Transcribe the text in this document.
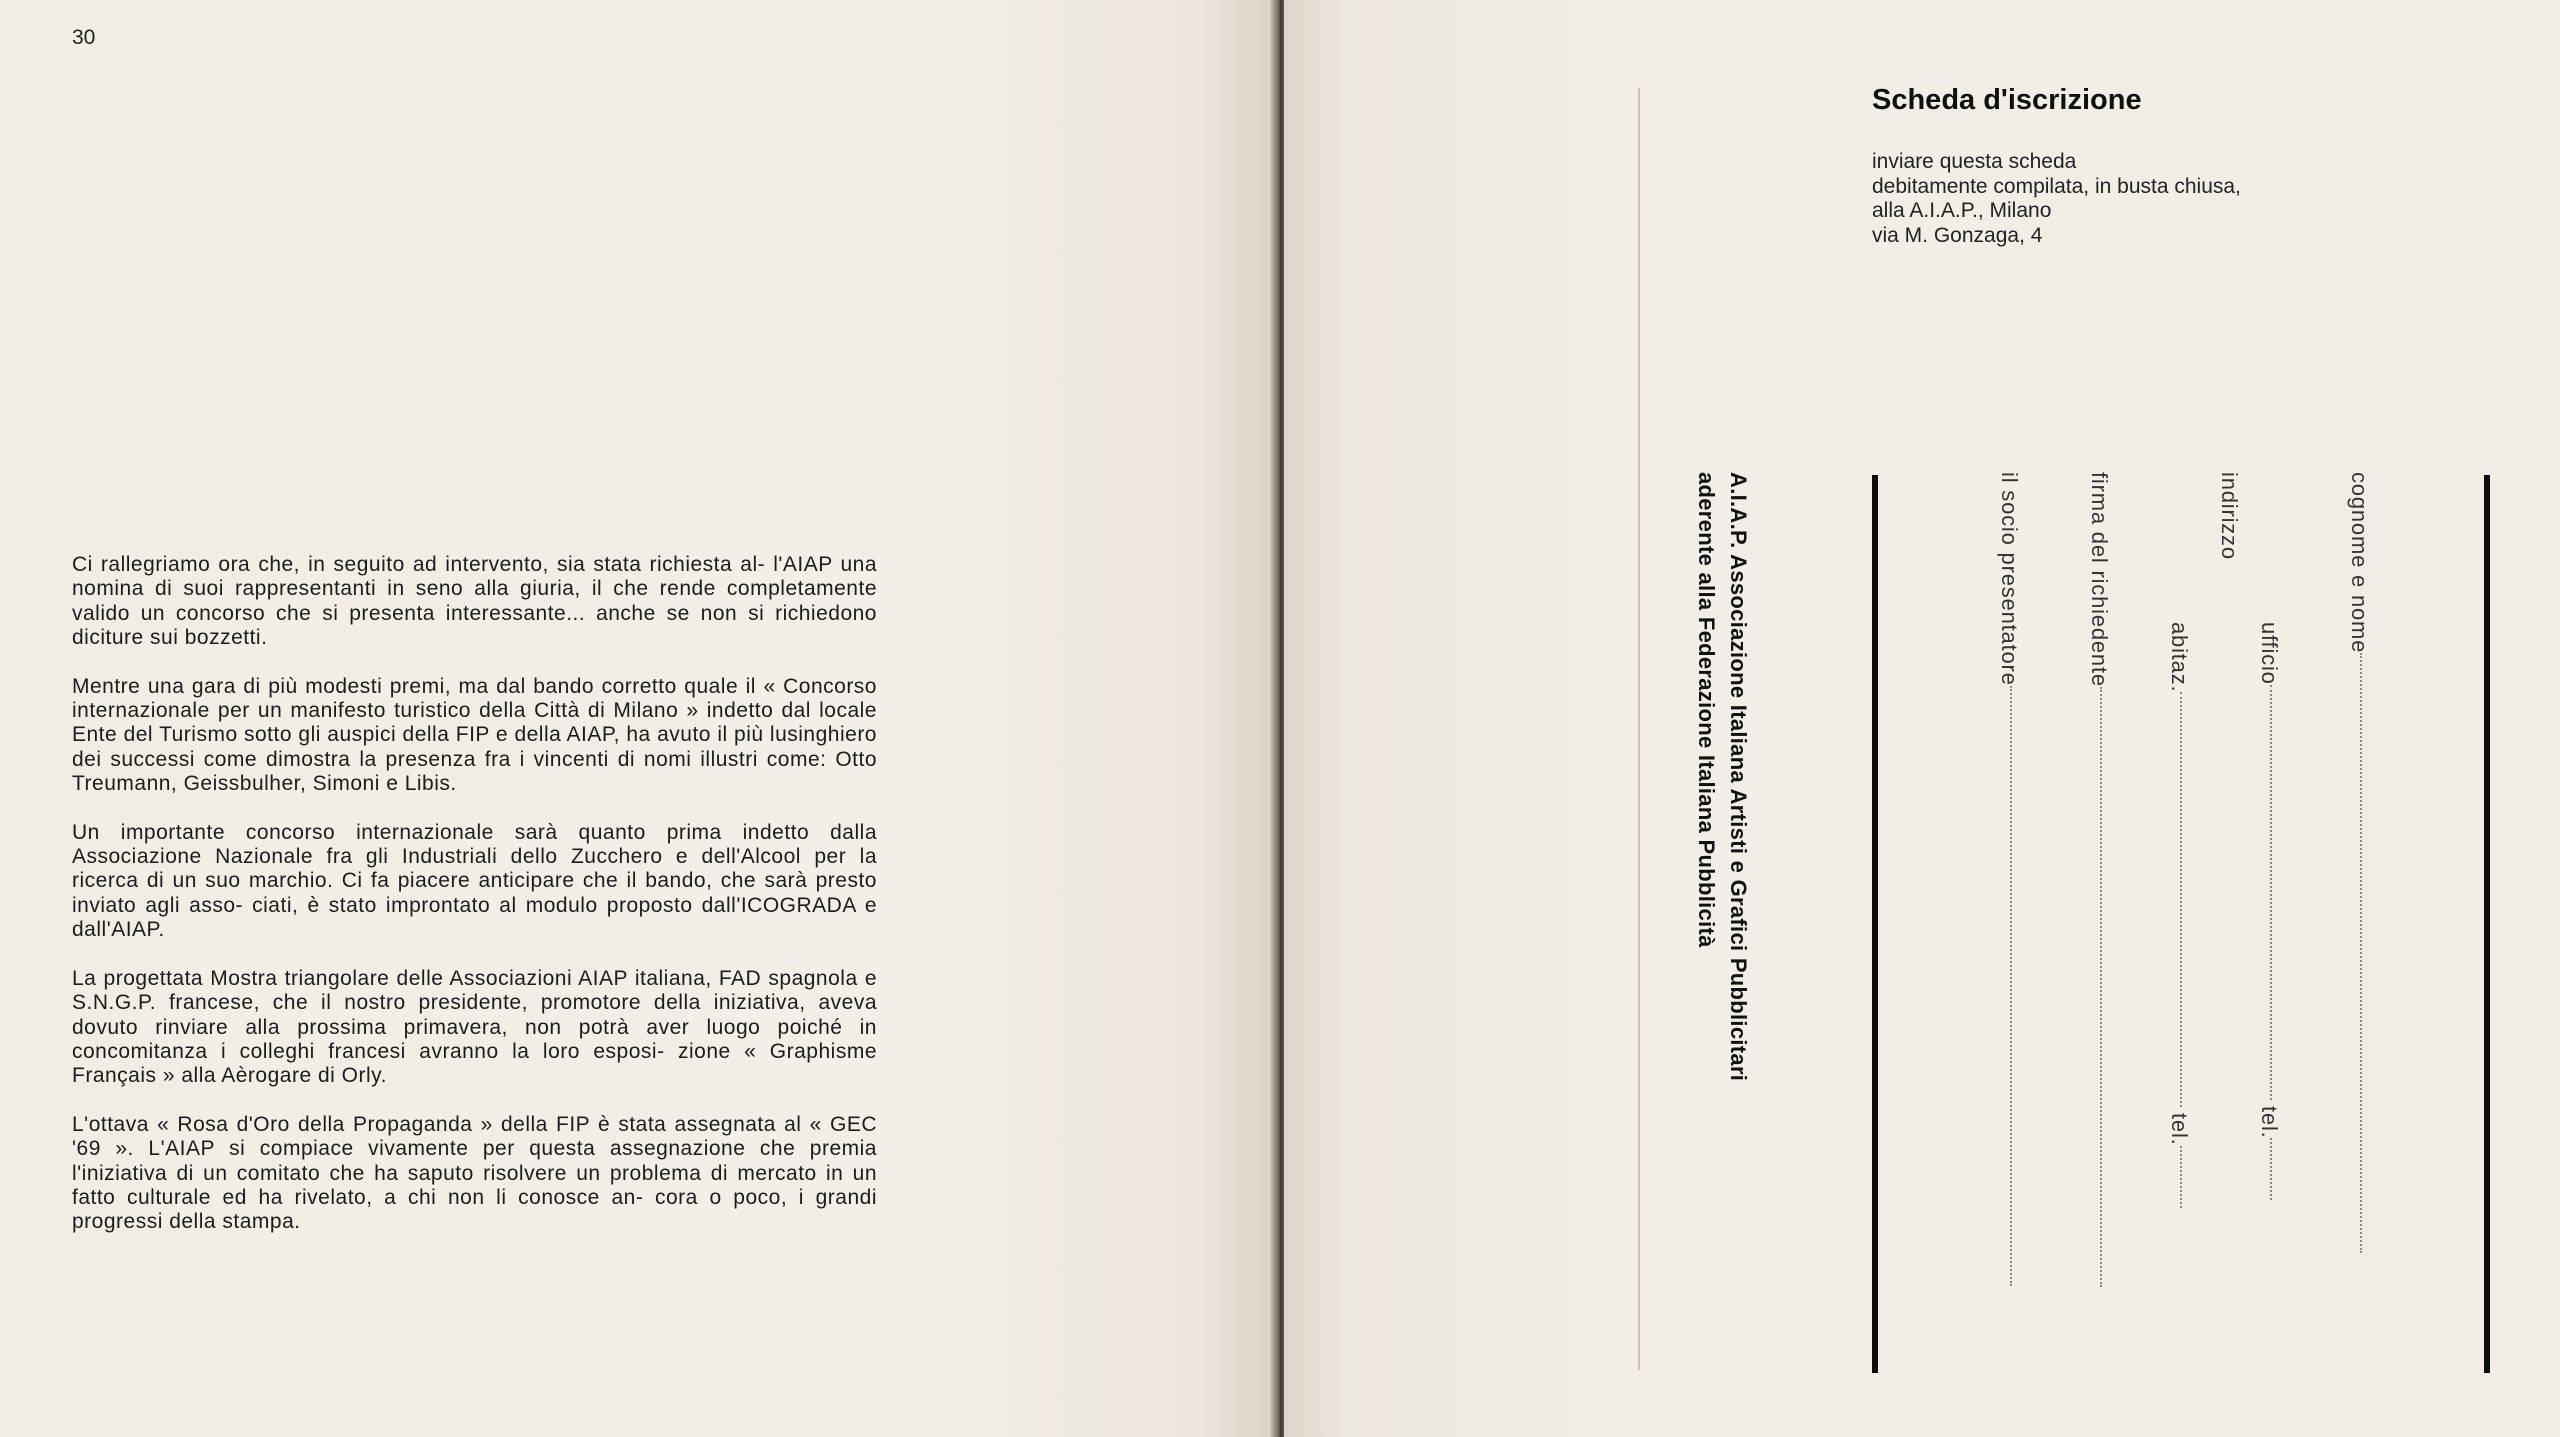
30

Ci rallegriamo ora che, in seguito ad intervento, sia stata richiesta al- l'AIAP una nomina di suoi rappresentanti in seno alla giuria, il che rende completamente valido un concorso che si presenta interessante... anche se non si richiedono diciture sui bozzetti.

Mentre una gara di più modesti premi, ma dal bando corretto quale il « Concorso internazionale per un manifesto turistico della Città di Milano » indetto dal locale Ente del Turismo sotto gli auspici della FIP e della AIAP, ha avuto il più lusinghiero dei successi come dimostra la presenza fra i vincenti di nomi illustri come: Otto Treumann, Geissbulher, Simoni e Libis.

Un importante concorso internazionale sarà quanto prima indetto dalla Associazione Nazionale fra gli Industriali dello Zucchero e dell'Alcool per la ricerca di un suo marchio. Ci fa piacere anticipare che il bando, che sarà presto inviato agli asso- ciati, è stato improntato al modulo proposto dall'ICOGRADA e dall'AIAP.

La progettata Mostra triangolare delle Associazioni AIAP italiana, FAD spagnola e S.N.G.P. francese, che il nostro presidente, promotore della iniziativa, aveva dovuto rinviare alla prossima primavera, non potrà aver luogo poiché in concomitanza i colleghi francesi avranno la loro esposi- zione « Graphisme Français » alla Aèrogare di Orly.

L'ottava « Rosa d'Oro della Propaganda » della FIP è stata assegnata al « GEC '69 ». L'AIAP si compiace vivamente per questa assegnazione che premia l'iniziativa di un comitato che ha saputo risolvere un problema di mercato in un fatto culturale ed ha rivelato, a chi non li conosce an- cora o poco, i grandi progressi della stampa.

Scheda d'iscrizione
inviare questa scheda
debitamente compilata, in busta chiusa,
alla A.I.A.P., Milano
via M. Gonzaga, 4
cognome e nome
ufficiotel.
indirizzo
abitaz.tel.
firma del richiedente
il socio presentatore
A.I.A.P. Associazione Italiana Artisti e Grafici Pubblicitari
aderente alla Federazione Italiana Pubblicità
